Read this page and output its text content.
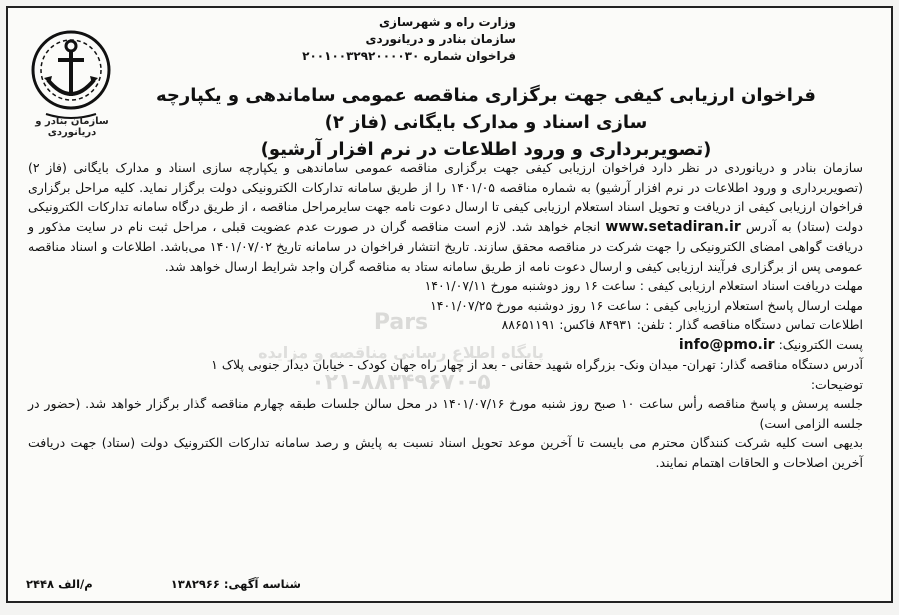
وزارت راه و شهرسازی
سازمان بنادر و دریانوردی
فراخوان شماره ۲۰۰۱۰۰۳۲۹۲۰۰۰۰۳۰
سازمان بنادر و دریانوردی
فراخوان ارزیابی کیفی جهت برگزاری مناقصه عمومی ساماندهی و یکپارچه سازی اسناد و مدارک بایگانی (فاز ۲)
(تصویربرداری و ورود اطلاعات در نرم افزار آرشیو)
Pars
پایگاه اطلاع رسانی مناقصه و مزایده
۰۲۱-۸۸۳۴۹۶۷۰-۵

سازمان بنادر و دریانوردی در نظر دارد فراخوان ارزیابی کیفی جهت برگزاری مناقصه عمومی ساماندهی و یکپارچه سازی اسناد و مدارک بایگانی (فاز ۲) (تصویربرداری و ورود اطلاعات در نرم افزار آرشیو) به شماره مناقصه ۱۴۰۱/۰۵ را از طریق سامانه تدارکات الکترونیکی دولت برگزار نماید. کلیه مراحل برگزاری فراخوان ارزیابی کیفی از دریافت و تحویل اسناد استعلام ارزیابی کیفی تا ارسال دعوت نامه جهت سایرمراحل مناقصه ، از طریق درگاه سامانه تدارکات الکترونیکی دولت (ستاد) به آدرس www.setadiran.ir انجام خواهد شد. لازم است مناقصه گران در صورت عدم عضویت قبلی ، مراحل ثبت نام در سایت مذکور و دریافت گواهی امضای الکترونیکی را جهت شرکت در مناقصه محقق سازند. تاریخ انتشار فراخوان در سامانه تاریخ ۱۴۰۱/۰۷/۰۲ می‌باشد. اطلاعات و اسناد مناقصه عمومی پس از برگزاری فرآیند ارزیابی کیفی و ارسال دعوت نامه از طریق سامانه ستاد به مناقصه گران واجد شرایط ارسال خواهد شد.

مهلت دریافت اسناد استعلام ارزیابی کیفی : ساعت ۱۶ روز دوشنبه مورخ ۱۴۰۱/۰۷/۱۱
مهلت ارسال پاسخ استعلام ارزیابی کیفی : ساعت ۱۶ روز دوشنبه مورخ ۱۴۰۱/۰۷/۲۵
اطلاعات تماس دستگاه مناقصه گذار : تلفن: ۸۴۹۳۱ فاکس: ۸۸۶۵۱۱۹۱
پست الکترونیک: info@pmo.ir
آدرس دستگاه مناقصه گذار: تهران- میدان ونک- بزرگراه شهید حقانی - بعد از چهار راه جهان کودک - خیابان دیدار جنوبی پلاک ۱
توضیحات:

جلسه پرسش و پاسخ مناقصه رأس ساعت ۱۰ صبح روز شنبه مورخ ۱۴۰۱/۰۷/۱۶ در محل سالن جلسات طبقه چهارم مناقصه گذار برگزار خواهد شد. (حضور در جلسه الزامی است)

بدیهی است کلیه شرکت کنندگان محترم می بایست تا آخرین موعد تحویل اسناد نسبت به پایش و رصد سامانه تدارکات الکترونیک دولت (ستاد) جهت دریافت آخرین اصلاحات و الحاقات اهتمام نمایند.

شناسه آگهی: ۱۳۸۲۹۶۶
م/الف ۲۴۴۸
